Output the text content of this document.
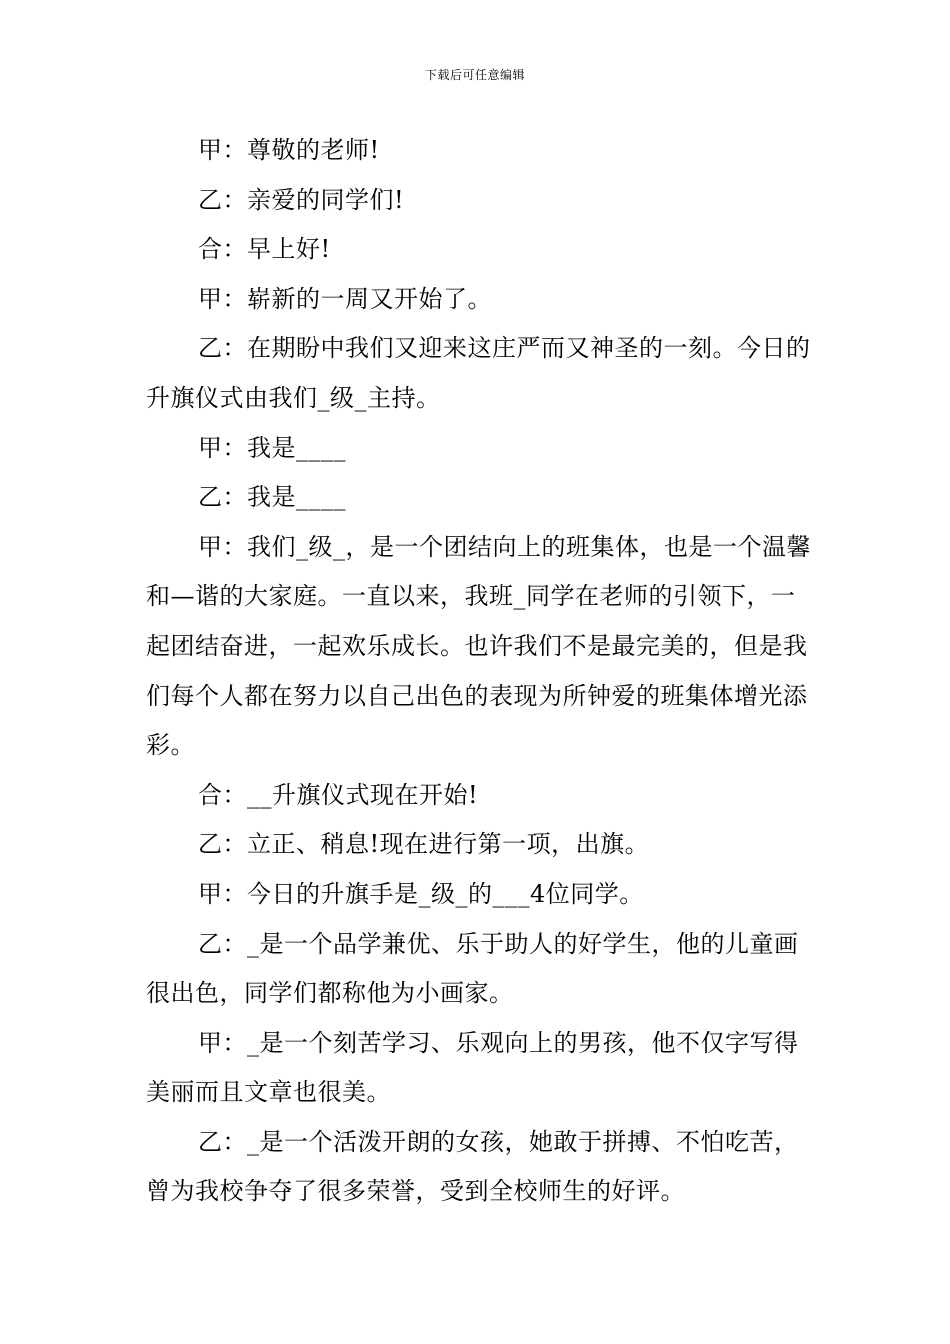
下载后可任意编辑

甲：尊敬的老师!

乙：亲爱的同学们!

合：早上好!

甲：崭新的一周又开始了。

乙：在期盼中我们又迎来这庄严而又神圣的一刻。今日的升旗仪式由我们_级_主持。

甲：我是____

乙：我是____

甲：我们_级_，是一个团结向上的班集体，也是一个温馨和—谐的大家庭。一直以来，我班_同学在老师的引领下，一起团结奋进，一起欢乐成长。也许我们不是最完美的，但是我们每个人都在努力以自己出色的表现为所钟爱的班集体增光添彩。

合：__升旗仪式现在开始!

乙：立正、稍息!现在进行第一项，出旗。

甲：今日的升旗手是_级_的___4位同学。

乙：_是一个品学兼优、乐于助人的好学生，他的儿童画很出色，同学们都称他为小画家。

甲：_是一个刻苦学习、乐观向上的男孩，他不仅字写得美丽而且文章也很美。

乙：_是一个活泼开朗的女孩，她敢于拼搏、不怕吃苦，曾为我校争夺了很多荣誉，受到全校师生的好评。
